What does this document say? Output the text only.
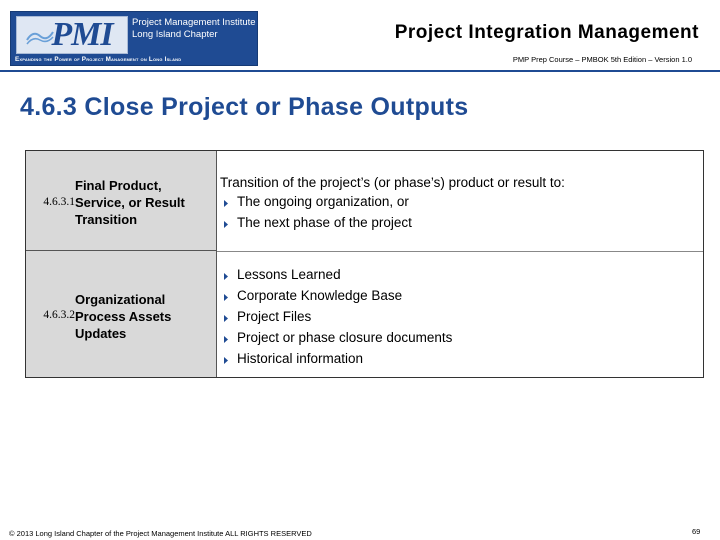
PMI	Project Management Institute
Long Island Chapter
Expanding the Power of Project Management on Long Island
Project Integration Management
PMP Prep Course – PMBOK 5th Edition – Version 1.0
4.6.3 Close Project or Phase Outputs
4.6.3.1
Final Product,
Service, or Result
Transition
Transition of the project’s (or phase’s) product or result to:
The ongoing organization, or
The next phase of the project
4.6.3.2
Organizational
Process Assets
Updates
Lessons Learned
Corporate Knowledge Base
Project Files
Project or phase closure documents
Historical information
© 2013 Long Island Chapter of the Project Management Institute ALL RIGHTS RESERVED	69
